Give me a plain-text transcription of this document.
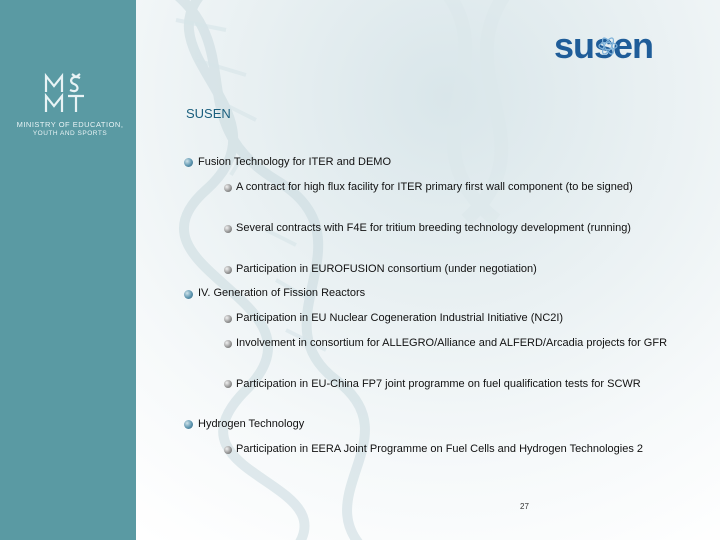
MINISTRY OF EDUCATION,
YOUTH AND SPORTS
susen
SUSEN
Fusion Technology for ITER and DEMO
A contract for high flux facility for ITER primary first wall component (to be signed)
Several contracts with F4E for tritium breeding technology development (running)
Participation in EUROFUSION consortium (under negotiation)
IV. Generation of Fission Reactors
Participation in EU Nuclear Cogeneration Industrial Initiative (NC2I)
Involvement in consortium for ALLEGRO/Alliance and ALFERD/Arcadia projects for GFR
Participation in EU-China FP7 joint programme on fuel qualification tests for SCWR
Hydrogen Technology
Participation in EERA Joint Programme on Fuel Cells and Hydrogen Technologies 2
27
